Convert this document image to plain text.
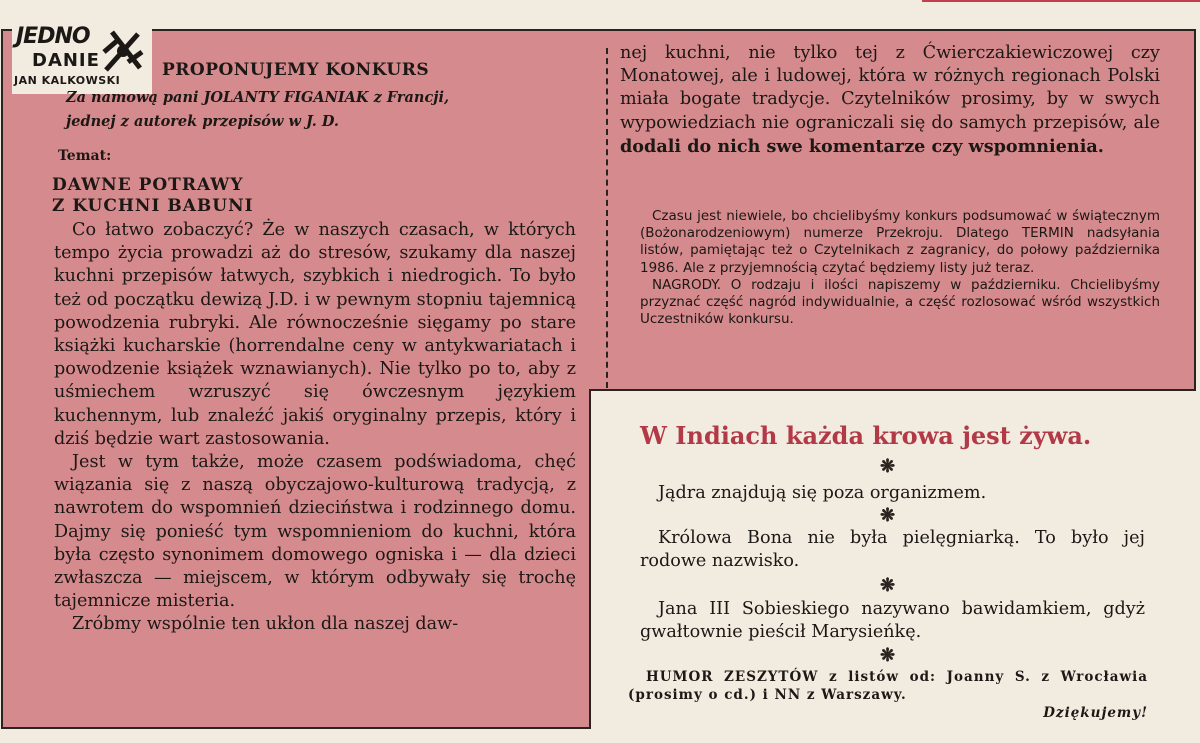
JEDNO
DANIE
JAN KALKOWSKI
PROPONUJEMY KONKURS
Za namową pani JOLANTY FIGANIAK z Francji,
jednej z autorek przepisów w J. D.
Temat:
DAWNE POTRAWY
Z KUCHNI BABUNI

Co łatwo zobaczyć? Że w naszych czasach, w których tempo życia prowadzi aż do stresów, szukamy dla naszej kuchni przepisów łatwych, szybkich i niedrogich. To było też od początku dewizą J.D. i w pewnym stopniu tajemnicą powodzenia rubryki. Ale równocześnie sięgamy po stare książki kucharskie (horrendalne ceny w antykwariatach i powodzenie książek wznawianych). Nie tylko po to, aby z uśmiechem wzruszyć się ówczesnym językiem kuchennym, lub znaleźć jakiś oryginalny przepis, który i dziś będzie wart zastosowania.

Jest w tym także, może czasem podświadoma, chęć wiązania się z naszą obyczajowo-kulturową tradycją, z nawrotem do wspomnień dzieciństwa i rodzinnego domu. Dajmy się ponieść tym wspomnieniom do kuchni, która była często synonimem domowego ogniska i — dla dzieci zwłaszcza — miejscem, w którym odbywały się trochę tajemnicze misteria.

Zróbmy wspólnie ten ukłon dla naszej daw-

nej kuchni, nie tylko tej z Ćwierczakiewiczowej czy Monatowej, ale i ludowej, która w różnych regionach Polski miała bogate tradycje. Czytelników prosimy, by w swych wypowiedziach nie ograniczali się do samych przepisów, ale dodali do nich swe komentarze czy wspomnienia.

Czasu jest niewiele, bo chcielibyśmy konkurs podsumować w świątecznym (Bożonarodzeniowym) numerze Przekroju. Dlatego TERMIN nadsyłania listów, pamiętając też o Czytelnikach z zagranicy, do połowy października 1986. Ale z przyjemnością czytać będziemy listy już teraz.

NAGRODY. O rodzaju i ilości napiszemy w październiku. Chcielibyśmy przyznać część nagród indywidualnie, a część rozlosować wśród wszystkich Uczestników konkursu.

W Indiach każda krowa jest żywa.
❋
Jądra znajdują się poza organizmem.
❋
Królowa Bona nie była pielęgniarką. To było jej rodowe nazwisko.
❋
Jana III Sobieskiego nazywano bawidamkiem, gdyż gwałtownie pieścił Marysieńkę.
❋
HUMOR ZESZYTÓW z listów od: Joanny S. z Wrocławia (prosimy o cd.) i NN z Warszawy.
Dziękujemy!
